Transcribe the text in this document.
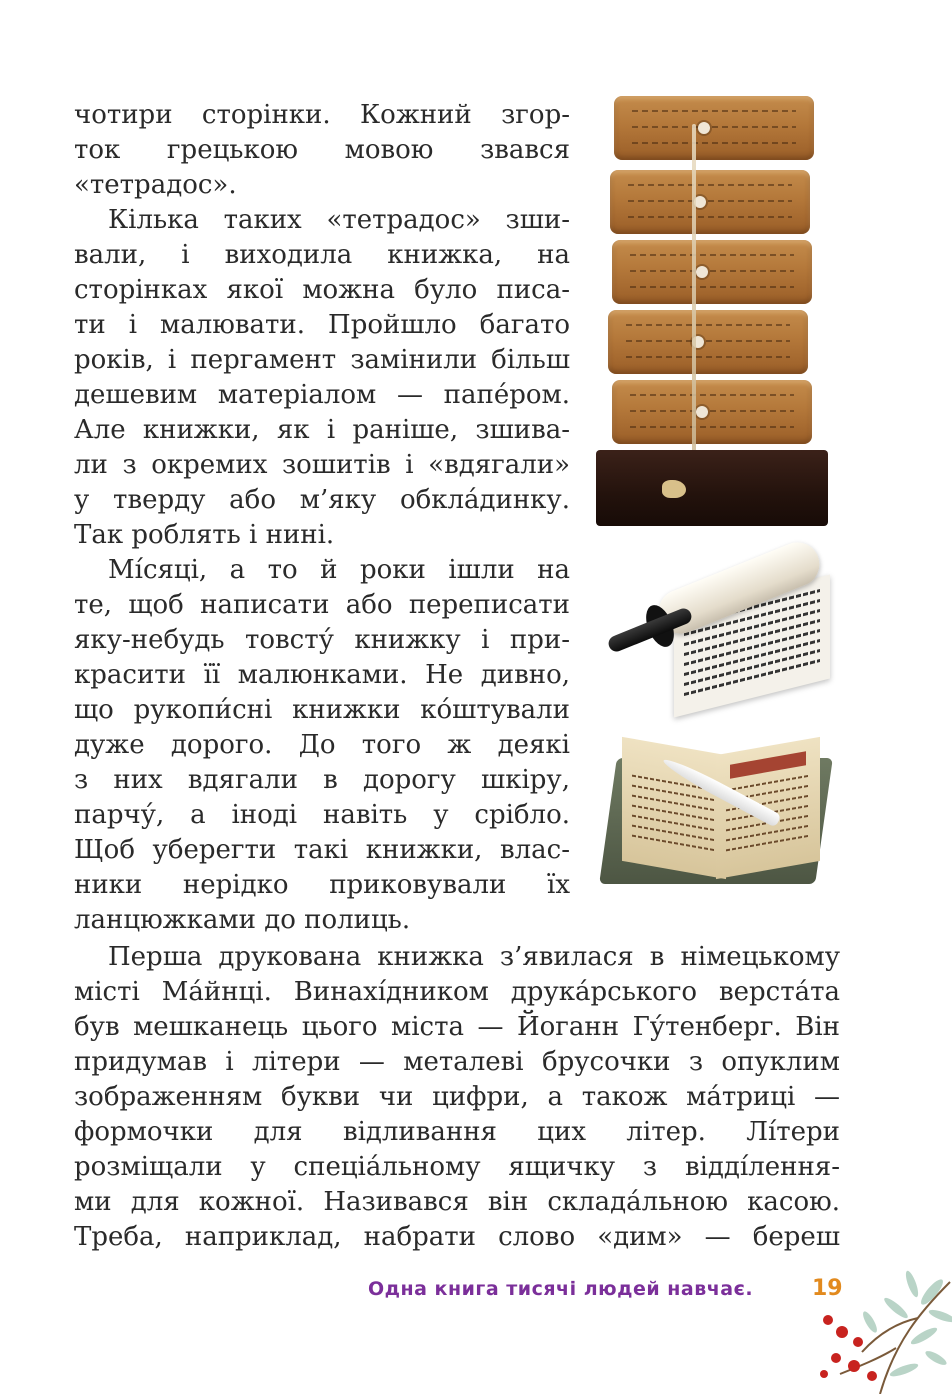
чотири сторінки. Кожний згор-
ток грецькою мовою звався
«тетрадос».

Кілька таких «тетрадос» зши-
вали, і виходила книжка, на
сторінках якої можна було писа-
ти і малювати. Пройшло багато
років, і пергамент замінили більш
дешевим матеріалом — папе́ром.
Але книжки, як і раніше, зшива-
ли з окремих зошитів і «вдягали»
у тверду або м’яку обкла́динку.
Так роблять і нині.

Мі́сяці, а то й роки ішли на
те, щоб написати або переписати
яку-небудь товсту́ книжку і при-
красити її малюнками. Не дивно,
що рукопи́сні книжки ко́штували
дуже дорого. До того ж деякі
з них вдягали в дорогу шкіру,
парчу́, а іноді навіть у срібло.
Щоб уберегти такі книжки, влас-
ники нерідко приковували їх
ланцюжками до полиць.

Перша друкована книжка з’явилася в німецькому
місті Ма́йнці. Винахі́дником друка́рського верста́та
був мешканець цього міста — Йоганн Гу́тенберг. Він
придумав і літери — металеві брусочки з опуклим
зображенням букви чи цифри, а також ма́триці —
формочки для відливання цих літер. Лі́тери
розміщали у спеціа́льному ящичку з відді́лення-
ми для кожної. Називався він склада́льною касою.
Треба, наприклад, набрати слово «дим» — береш

Одна книга тисячі людей навчає.	19
